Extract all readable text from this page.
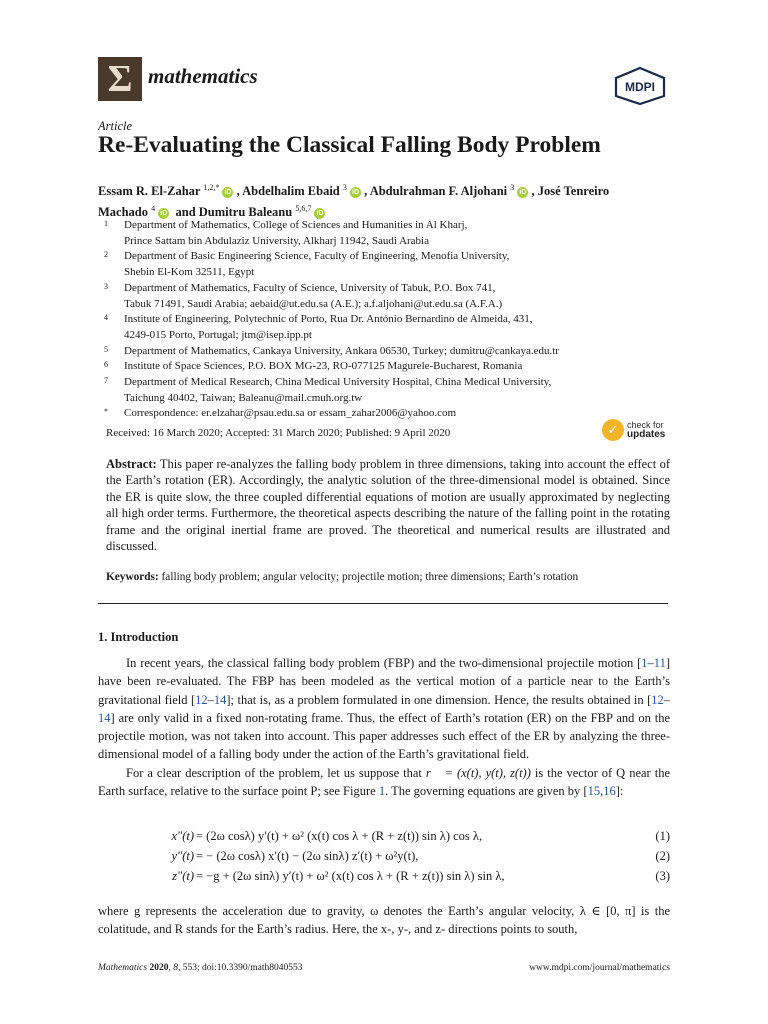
Σ mathematics	MDPI
Article
Re-Evaluating the Classical Falling Body Problem
Essam R. El-Zahar $^{1,2,*}$ iD , Abdelhalim Ebaid $^3$ iD , Abdulrahman F. Aljohani $^3$ iD , José Tenreiro
Machado $^4$ iD and Dumitru Baleanu $^{5,6,7}$ iD
1	Department of Mathematics, College of Sciences and Humanities in Al Kharj,
Prince Sattam bin Abdulaziz University, Alkharj 11942, Saudi Arabia
2	Department of Basic Engineering Science, Faculty of Engineering, Menofia University,
Shebin El-Kom 32511, Egypt
3	Department of Mathematics, Faculty of Science, University of Tabuk, P.O. Box 741,
Tabuk 71491, Saudi Arabia; aebaid@ut.edu.sa (A.E.); a.f.aljohani@ut.edu.sa (A.F.A.)
4	Institute of Engineering, Polytechnic of Porto, Rua Dr. António Bernardino de Almeida, 431,
4249-015 Porto, Portugal; jtm@isep.ipp.pt
5	Department of Mathematics, Cankaya University, Ankara 06530, Turkey; dumitru@cankaya.edu.tr
6	Institute of Space Sciences, P.O. BOX MG-23, RO-077125 Magurele-Bucharest, Romania
7	Department of Medical Research, China Medical University Hospital, China Medical University,
Taichung 40402, Taiwan; Baleanu@mail.cmuh.org.tw
*	Correspondence: er.elzahar@psau.edu.sa or essam_zahar2006@yahoo.com
Received: 16 March 2020; Accepted: 31 March 2020; Published: 9 April 2020	✓ check for
updates
Abstract: This paper re-analyzes the falling body problem in three dimensions, taking into account the effect of the Earth’s rotation (ER). Accordingly, the analytic solution of the three-dimensional model is obtained. Since the ER is quite slow, the three coupled differential equations of motion are usually approximated by neglecting all high order terms. Furthermore, the theoretical aspects describing the nature of the falling point in the rotating frame and the original inertial frame are proved. The theoretical and numerical results are illustrated and discussed.
Keywords: falling body problem; angular velocity; projectile motion; three dimensions; Earth’s rotation
1. Introduction

In recent years, the classical falling body problem (FBP) and the two-dimensional projectile motion [1–11] have been re-evaluated. The FBP has been modeled as the vertical motion of a particle near to the Earth’s gravitational field [12–14]; that is, as a problem formulated in one dimension. Hence, the results obtained in [12–14] are only valid in a fixed non-rotating frame. Thus, the effect of Earth’s rotation (ER) on the FBP and on the projectile motion, was not taken into account. This paper addresses such effect of the ER by analyzing the three-dimensional model of a falling body under the action of the Earth’s gravitational field.

For a clear description of the problem, let us suppose that r⃗ = (x(t), y(t), z(t)) is the vector of Q near the Earth surface, relative to the surface point P; see Figure 1. The governing equations are given by [15,16]:

x″(t) = (2ω cosλ) y′(t) + ω² (x(t) cos λ + (R + z(t)) sin λ) cos λ,	(1)
y″(t) = − (2ω cosλ) x′(t) − (2ω sinλ) z′(t) + ω²y(t),	(2)
z″(t) = −g + (2ω sinλ) y′(t) + ω² (x(t) cos λ + (R + z(t)) sin λ) sin λ,	(3)
where g represents the acceleration due to gravity, ω denotes the Earth’s angular velocity, λ ∈ [0, π] is the colatitude, and R stands for the Earth’s radius. Here, the x-, y-, and z- directions points to south,
Mathematics 2020, 8, 553; doi:10.3390/math8040553	www.mdpi.com/journal/mathematics
